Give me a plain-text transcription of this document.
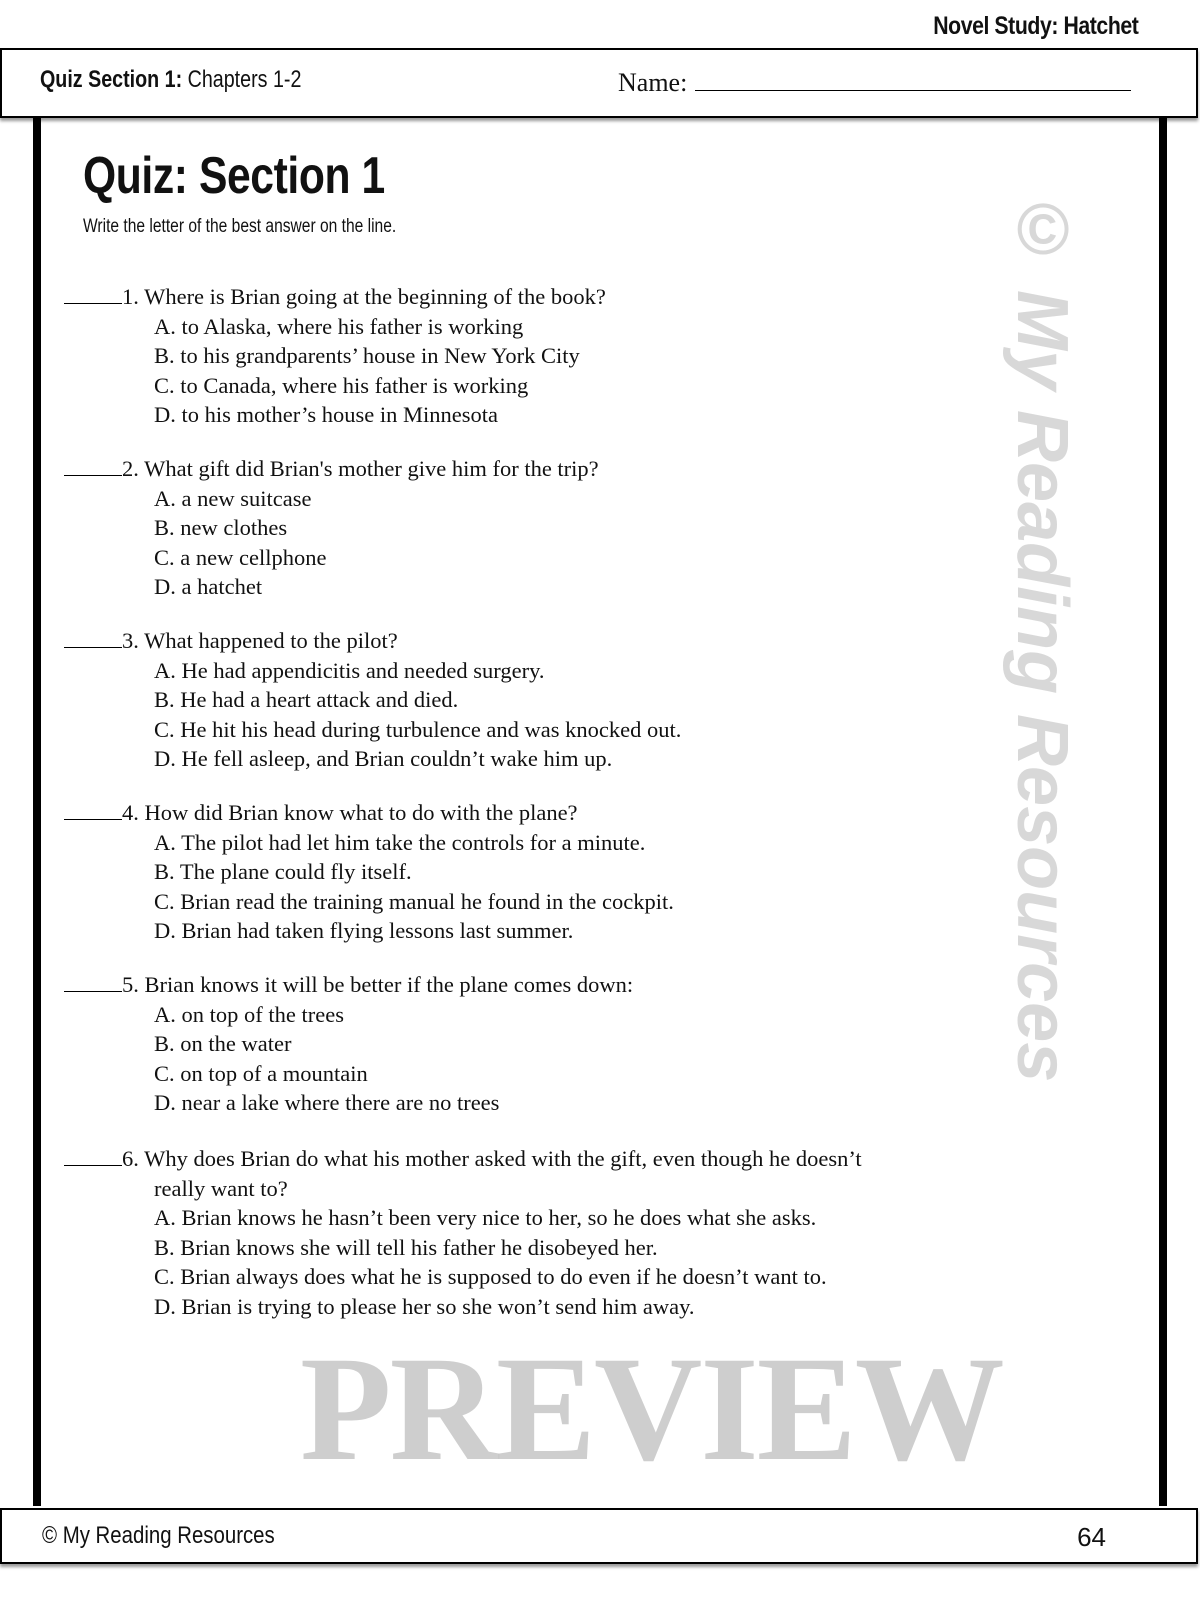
Novel Study: Hatchet
Quiz Section 1: Chapters 1-2	Name:
Quiz: Section 1
Write the letter of the best answer on the line.
1. Where is Brian going at the beginning of the book?
A. to Alaska, where his father is working
B. to his grandparents’ house in New York City
C. to Canada, where his father is working
D. to his mother’s house in Minnesota
2. What gift did Brian's mother give him for the trip?
A. a new suitcase
B. new clothes
C. a new cellphone
D. a hatchet
3. What happened to the pilot?
A. He had appendicitis and needed surgery.
B. He had a heart attack and died.
C. He hit his head during turbulence and was knocked out.
D. He fell asleep, and Brian couldn’t wake him up.
4. How did Brian know what to do with the plane?
A. The pilot had let him take the controls for a minute.
B. The plane could fly itself.
C. Brian read the training manual he found in the cockpit.
D. Brian had taken flying lessons last summer.
5. Brian knows it will be better if the plane comes down:
A. on top of the trees
B. on the water
C. on top of a mountain
D. near a lake where there are no trees
6. Why does Brian do what his mother asked with the gift, even though he doesn’t
really want to?
A. Brian knows he hasn’t been very nice to her, so he does what she asks.
B. Brian knows she will tell his father he disobeyed her.
C. Brian always does what he is supposed to do even if he doesn’t want to.
D. Brian is trying to please her so she won’t send him away.
© My Reading Resources	64
PREVIEW
© My Reading Resources
